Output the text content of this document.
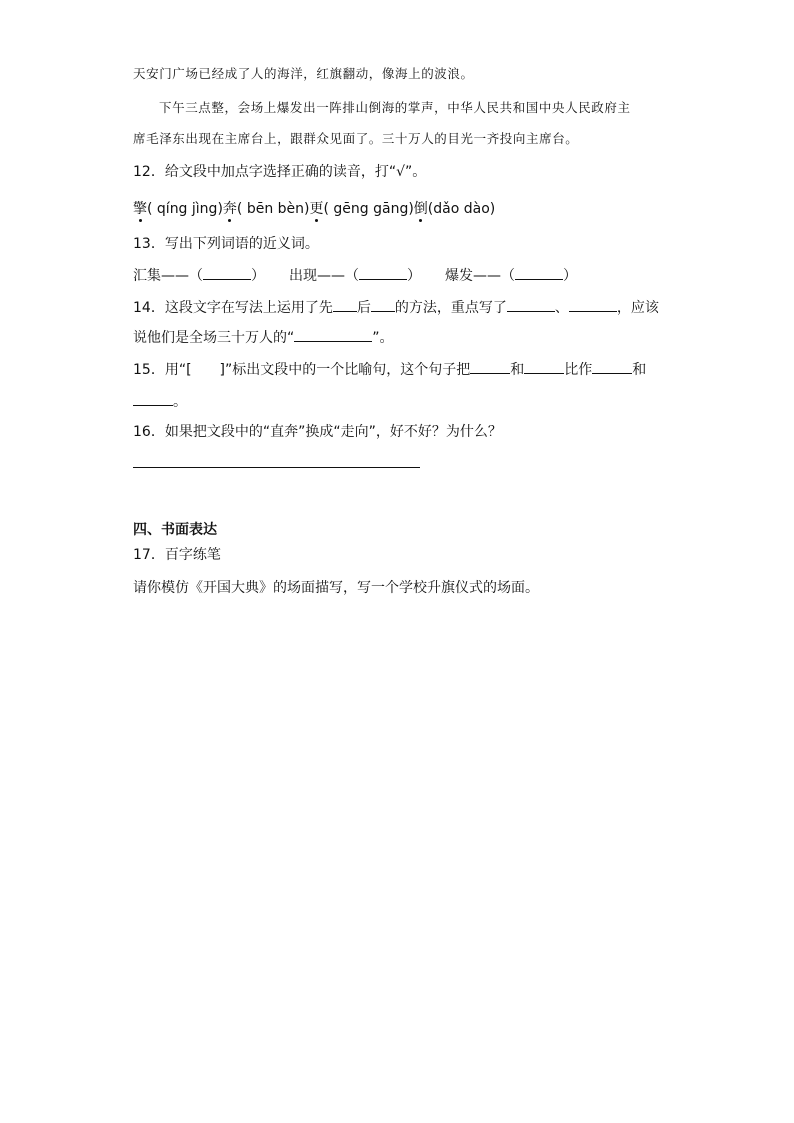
天安门广场已经成了人的海洋，红旗翻动，像海上的波浪。
下午三点整，会场上爆发出一阵排山倒海的掌声，中华人民共和国中央人民政府主
席毛泽东出现在主席台上，跟群众见面了。三十万人的目光一齐投向主席台。
12．给文段中加点字选择正确的读音，打“√”。
擎( qíng jìng)奔( bēn bèn)更( gēng gāng)倒(dǎo dào)
13．写出下列词语的近义词。
汇集——（	） 出现——（	） 爆发——（	）
14．这段文字在写法上运用了先 后 的方法，重点写了	、	，应该
说他们是全场三十万人的“	”。
15．用“[　　]”标出文段中的一个比喻句，这个句子把	和	比作	和
。
16．如果把文段中的“直奔”换成“走向”，好不好？为什么？
四、书面表达
17．百字练笔
请你模仿《开国大典》的场面描写，写一个学校升旗仪式的场面。
